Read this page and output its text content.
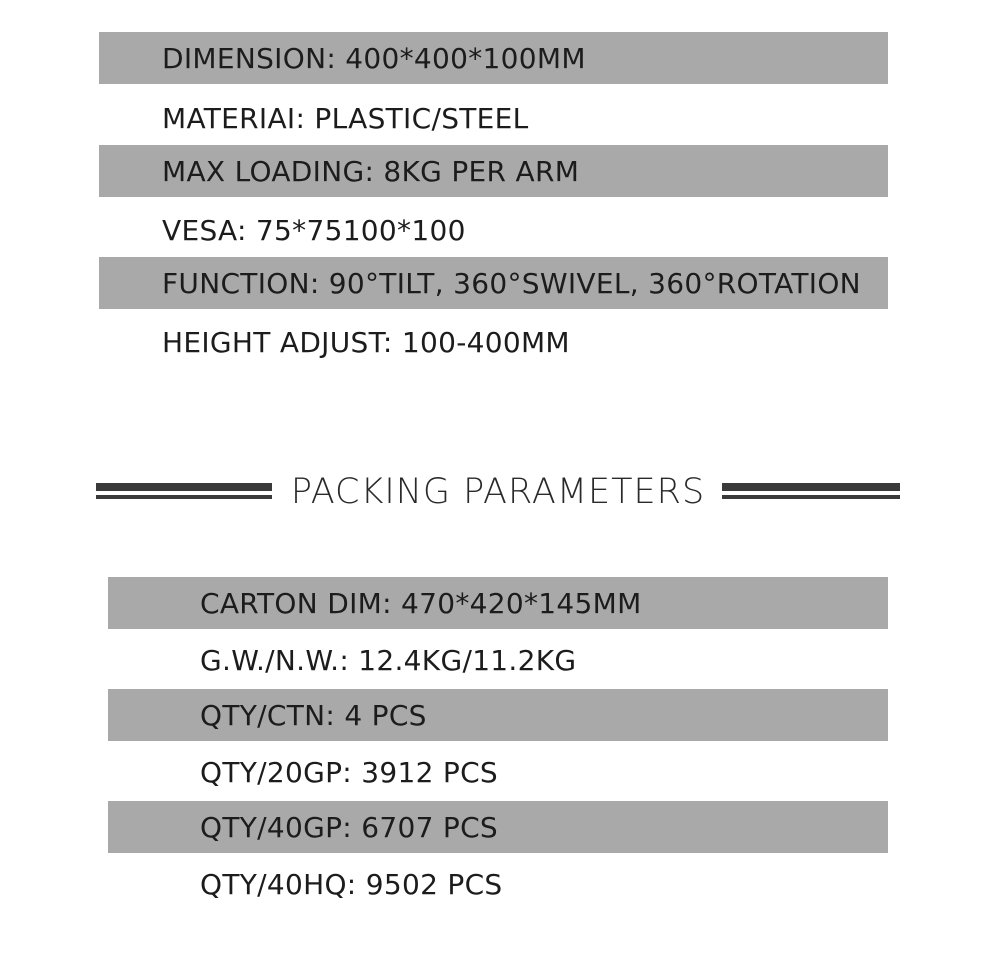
DIMENSION: 400*400*100MM
MATERIAI: PLASTIC/STEEL
MAX LOADING: 8KG PER ARM
VESA: 75*75100*100
FUNCTION: 90°TILT, 360°SWIVEL, 360°ROTATION
HEIGHT ADJUST: 100-400MM
PACKING PARAMETERS
CARTON DIM: 470*420*145MM
G.W./N.W.: 12.4KG/11.2KG
QTY/CTN: 4 PCS
QTY/20GP: 3912 PCS
QTY/40GP: 6707 PCS
QTY/40HQ: 9502 PCS
